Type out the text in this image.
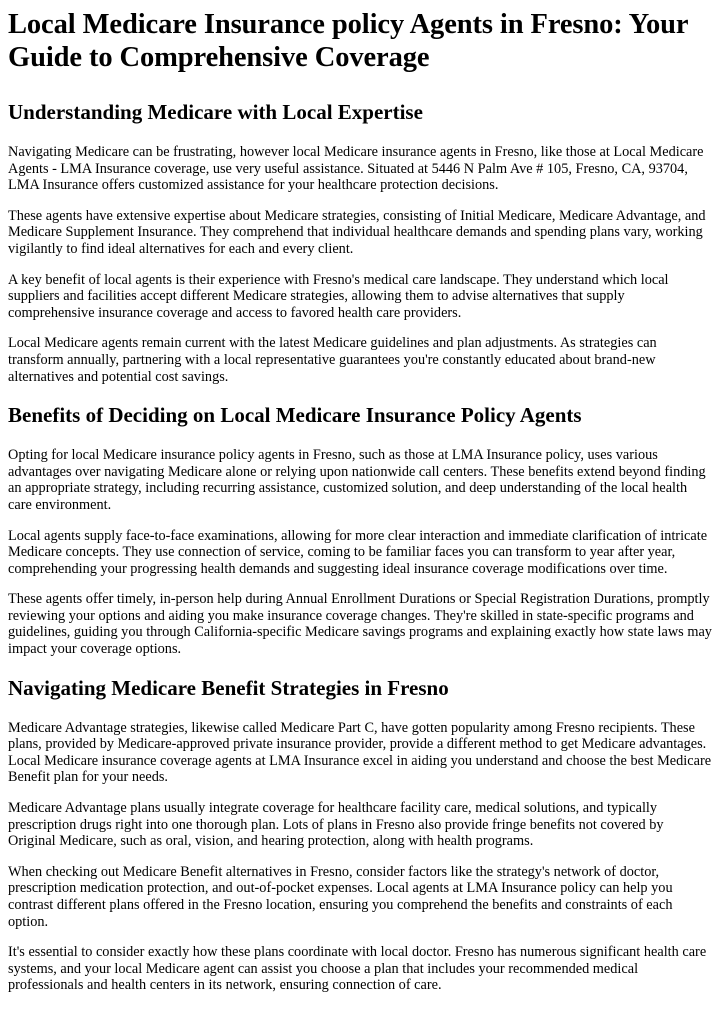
Local Medicare Insurance policy Agents in Fresno: Your Guide to Comprehensive Coverage
Understanding Medicare with Local Expertise

Navigating Medicare can be frustrating, however local Medicare insurance agents in Fresno, like those at Local Medicare Agents - LMA Insurance coverage, use very useful assistance. Situated at 5446 N Palm Ave # 105, Fresno, CA, 93704, LMA Insurance offers customized assistance for your healthcare protection decisions.

These agents have extensive expertise about Medicare strategies, consisting of Initial Medicare, Medicare Advantage, and Medicare Supplement Insurance. They comprehend that individual healthcare demands and spending plans vary, working vigilantly to find ideal alternatives for each and every client.

A key benefit of local agents is their experience with Fresno's medical care landscape. They understand which local suppliers and facilities accept different Medicare strategies, allowing them to advise alternatives that supply comprehensive insurance coverage and access to favored health care providers.

Local Medicare agents remain current with the latest Medicare guidelines and plan adjustments. As strategies can transform annually, partnering with a local representative guarantees you're constantly educated about brand-new alternatives and potential cost savings.

Benefits of Deciding on Local Medicare Insurance Policy Agents

Opting for local Medicare insurance policy agents in Fresno, such as those at LMA Insurance policy, uses various advantages over navigating Medicare alone or relying upon nationwide call centers. These benefits extend beyond finding an appropriate strategy, including recurring assistance, customized solution, and deep understanding of the local health care environment.

Local agents supply face-to-face examinations, allowing for more clear interaction and immediate clarification of intricate Medicare concepts. They use connection of service, coming to be familiar faces you can transform to year after year, comprehending your progressing health demands and suggesting ideal insurance coverage modifications over time.

These agents offer timely, in-person help during Annual Enrollment Durations or Special Registration Durations, promptly reviewing your options and aiding you make insurance coverage changes. They're skilled in state-specific programs and guidelines, guiding you through California-specific Medicare savings programs and explaining exactly how state laws may impact your coverage options.

Navigating Medicare Benefit Strategies in Fresno

Medicare Advantage strategies, likewise called Medicare Part C, have gotten popularity among Fresno recipients. These plans, provided by Medicare-approved private insurance provider, provide a different method to get Medicare advantages. Local Medicare insurance coverage agents at LMA Insurance excel in aiding you understand and choose the best Medicare Benefit plan for your needs.

Medicare Advantage plans usually integrate coverage for healthcare facility care, medical solutions, and typically prescription drugs right into one thorough plan. Lots of plans in Fresno also provide fringe benefits not covered by Original Medicare, such as oral, vision, and hearing protection, along with health programs.

When checking out Medicare Benefit alternatives in Fresno, consider factors like the strategy's network of doctor, prescription medication protection, and out-of-pocket expenses. Local agents at LMA Insurance policy can help you contrast different plans offered in the Fresno location, ensuring you comprehend the benefits and constraints of each option.

It's essential to consider exactly how these plans coordinate with local doctor. Fresno has numerous significant health care systems, and your local Medicare agent can assist you choose a plan that includes your recommended medical professionals and health centers in its network, ensuring connection of care.
